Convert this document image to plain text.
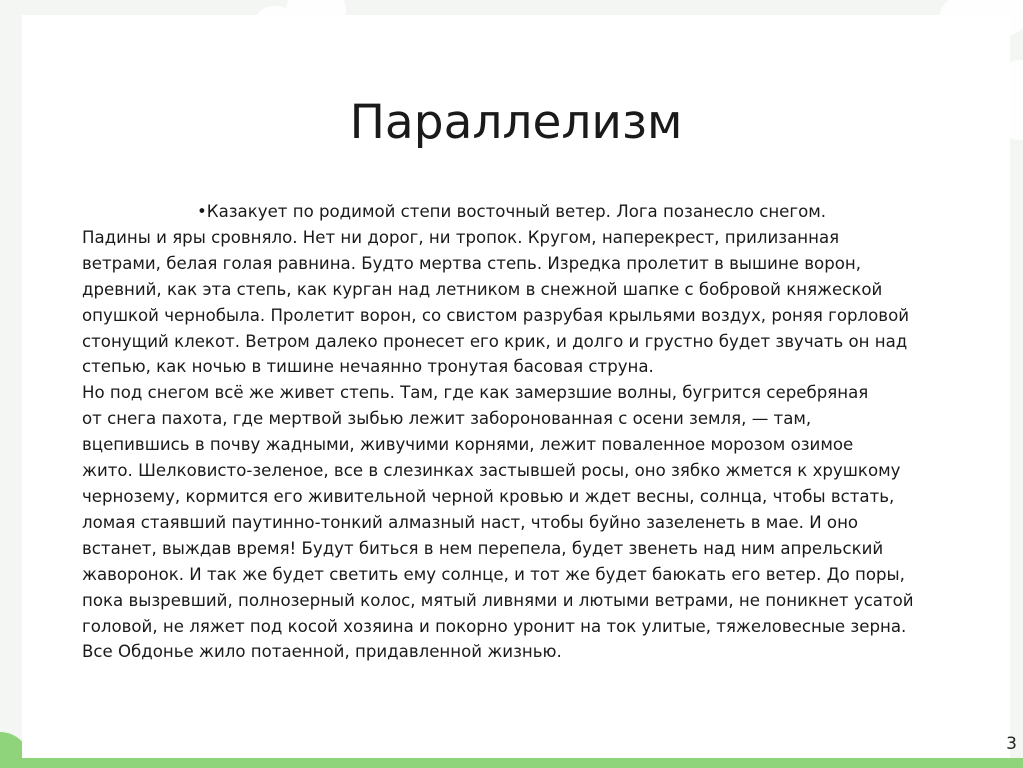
Параллелизм
•Казакует по родимой степи восточный ветер. Лога позанесло снегом.
Падины и яры сровняло. Нет ни дорог, ни тропок. Кругом, наперекрест, прилизанная
ветрами, белая голая равнина. Будто мертва степь. Изредка пролетит в вышине ворон,
древний, как эта степь, как курган над летником в снежной шапке с бобровой княжеской
опушкой чернобыла. Пролетит ворон, со свистом разрубая крыльями воздух, роняя горловой
стонущий клекот. Ветром далеко пронесет его крик, и долго и грустно будет звучать он над
степью, как ночью в тишине нечаянно тронутая басовая струна.
Но под снегом всё же живет степь. Там, где как замерзшие волны, бугрится серебряная
от снега пахота, где мертвой зыбью лежит заборонованная с осени земля, — там,
вцепившись в почву жадными, живучими корнями, лежит поваленное морозом озимое
жито. Шелковисто-зеленое, все в слезинках застывшей росы, оно зябко жмется к хрушкому
чернозему, кормится его живительной черной кровью и ждет весны, солнца, чтобы встать,
ломая стаявший паутинно-тонкий алмазный наст, чтобы буйно зазеленеть в мае. И оно
встанет, выждав время! Будут биться в нем перепела, будет звенеть над ним апрельский
жаворонок. И так же будет светить ему солнце, и тот же будет баюкать его ветер. До поры,
пока вызревший, полнозерный колос, мятый ливнями и лютыми ветрами, не поникнет усатой
головой, не ляжет под косой хозяина и покорно уронит на ток улитые, тяжеловесные зерна.
Все Обдонье жило потаенной, придавленной жизнью.
3
